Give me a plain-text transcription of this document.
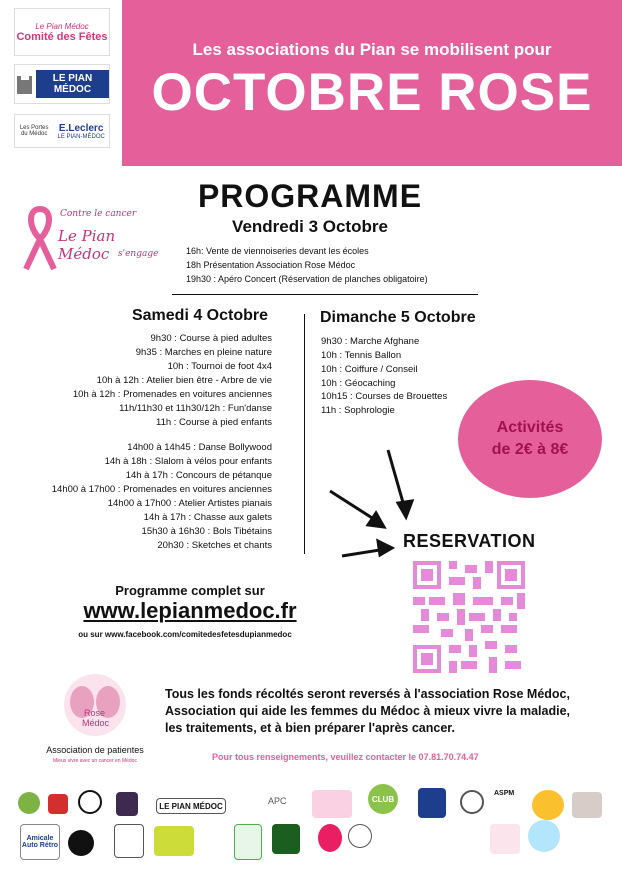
Le Pian Médoc
Comité des Fêtes
LE PIAN MÉDOC
Les Portes du Médoc
E.Leclerc
LE PIAN-MÉDOC
Les associations du Pian se mobilisent pour
OCTOBRE ROSE
Contre le cancer
Le Pian Médoc s'engage
PROGRAMME
Vendredi 3 Octobre
16h: Vente de viennoiseries devant les écoles
18h Présentation Association Rose Médoc
19h30 : Apéro Concert (Réservation de planches obligatoire)
Samedi 4 Octobre
9h30 : Course à pied adultes
9h35 : Marches en pleine nature
10h : Tournoi de foot 4x4
10h à 12h : Atelier bien être - Arbre de vie
10h à 12h : Promenades en voitures anciennes
11h/11h30 et 11h30/12h : Fun'danse
11h : Course à pied enfants
14h00 à 14h45 : Danse Bollywood
14h à 18h : Slalom à vélos pour enfants
14h à 17h : Concours de pétanque
14h00 à 17h00 : Promenades en voitures anciennes
14h00 à 17h00 : Atelier Artistes pianais
14h à 17h : Chasse aux galets
15h30 à 16h30 : Bols Tibétains
20h30 : Sketches et chants
Dimanche 5 Octobre
9h30 : Marche Afghane
10h : Tennis Ballon
10h : Coiffure / Conseil
10h : Géocaching
10h15 : Courses de Brouettes
11h : Sophrologie
Activités
de 2€ à 8€
RESERVATION
Programme complet sur
www.lepianmedoc.fr
ou sur www.facebook.com/comitedesfetesdupianmedoc
Rose
Médoc
Association de patientes
Mieux vivre avec un cancer en Médoc
Tous les fonds récoltés seront reversés à l'association Rose Médoc,
Association qui aide les femmes du Médoc à mieux vivre la maladie,
les traitements, et à bien préparer l'après cancer.
Pour tous renseignements, veuillez contacter le 07.81.70.74.47
LE PIAN MÉDOC	APC	CLUB
ASPM
Amicale Auto Rétro
